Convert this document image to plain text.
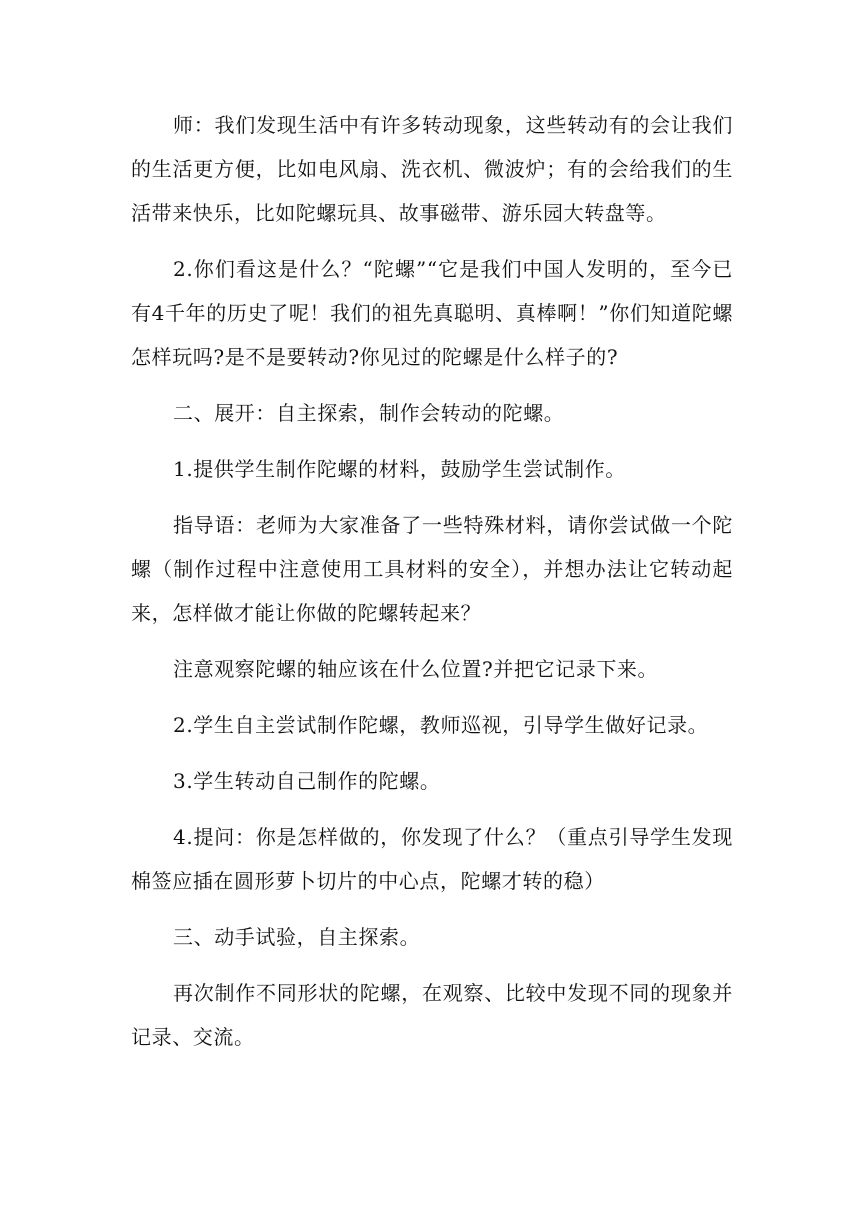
师：我们发现生活中有许多转动现象，这些转动有的会让我们的生活更方便，比如电风扇、洗衣机、微波炉；有的会给我们的生活带来快乐，比如陀螺玩具、故事磁带、游乐园大转盘等。

2.你们看这是什么？“陀螺”“它是我们中国人发明的，至今已有4千年的历史了呢！我们的祖先真聪明、真棒啊！”你们知道陀螺怎样玩吗?是不是要转动?你见过的陀螺是什么样子的?

二、展开：自主探索，制作会转动的陀螺。

1.提供学生制作陀螺的材料，鼓励学生尝试制作。

指导语：老师为大家准备了一些特殊材料，请你尝试做一个陀螺（制作过程中注意使用工具材料的安全），并想办法让它转动起来，怎样做才能让你做的陀螺转起来？

注意观察陀螺的轴应该在什么位置?并把它记录下来。

2.学生自主尝试制作陀螺，教师巡视，引导学生做好记录。

3.学生转动自己制作的陀螺。

4.提问：你是怎样做的，你发现了什么？（重点引导学生发现棉签应插在圆形萝卜切片的中心点，陀螺才转的稳）

三、动手试验，自主探索。

再次制作不同形状的陀螺，在观察、比较中发现不同的现象并记录、交流。
